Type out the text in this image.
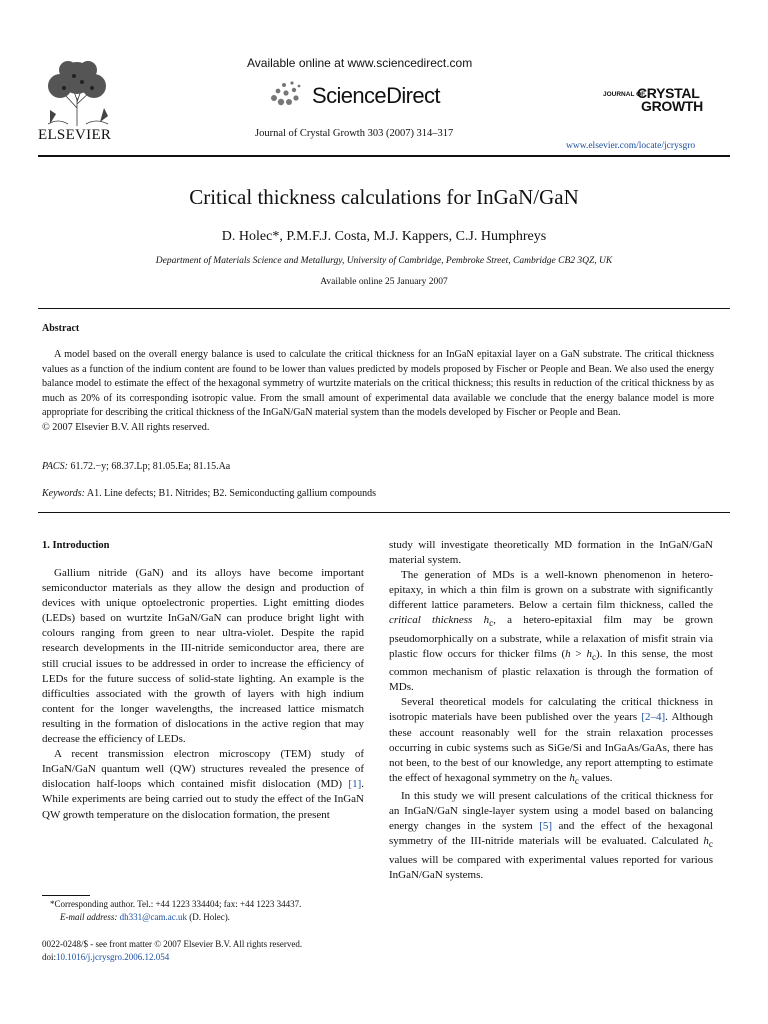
ELSEVIER
Available online at www.sciencedirect.com
ScienceDirect
Journal of Crystal Growth 303 (2007) 314–317
JOURNAL OF
CRYSTAL
GROWTH
www.elsevier.com/locate/jcrysgro
Critical thickness calculations for InGaN/GaN
D. Holec*, P.M.F.J. Costa, M.J. Kappers, C.J. Humphreys
Department of Materials Science and Metallurgy, University of Cambridge, Pembroke Street, Cambridge CB2 3QZ, UK
Available online 25 January 2007
Abstract
A model based on the overall energy balance is used to calculate the critical thickness for an InGaN epitaxial layer on a GaN substrate. The critical thickness values as a function of the indium content are found to be lower than values predicted by models proposed by Fischer or People and Bean. We also used the energy balance model to estimate the effect of the hexagonal symmetry of wurtzite materials on the critical thickness; this results in reduction of the critical thickness by as much as 20% of its corresponding isotropic value. From the small amount of experimental data available we conclude that the energy balance model is more appropriate for describing the critical thickness of the InGaN/GaN material system than the models developed by Fischer or People and Bean.
© 2007 Elsevier B.V. All rights reserved.
PACS: 61.72.−y; 68.37.Lp; 81.05.Ea; 81.15.Aa
Keywords: A1. Line defects; B1. Nitrides; B2. Semiconducting gallium compounds
1. Introduction

Gallium nitride (GaN) and its alloys have become important semiconductor materials as they allow the design and production of devices with unique optoelectronic properties. Light emitting diodes (LEDs) based on wurtzite InGaN/GaN can produce bright light with colours ranging from green to near ultra-violet. Despite the rapid research developments in the III-nitride semiconductor area, there are still crucial issues to be addressed in order to increase the efficiency of LEDs for the future success of solid-state lighting. An example is the difficulties associated with the growth of layers with high indium content for the longer wavelengths, the increased lattice mismatch resulting in the formation of dislocations in the active region that may decrease the efficiency of LEDs.

A recent transmission electron microscopy (TEM) study of InGaN/GaN quantum well (QW) structures revealed the presence of dislocation half-loops which contained misfit dislocation (MD) [1]. While experiments are being carried out to study the effect of the InGaN QW growth temperature on the dislocation formation, the present

study will investigate theoretically MD formation in the InGaN/GaN material system.

The generation of MDs is a well-known phenomenon in hetero-epitaxy, in which a thin film is grown on a substrate with significantly different lattice parameters. Below a certain film thickness, called the critical thickness $h_c$, a hetero-epitaxial film may be grown pseudomorphically on a substrate, while a relaxation of misfit strain via plastic flow occurs for thicker films $(h > h_c)$. In this sense, the most common mechanism of plastic relaxation is through the formation of MDs.

Several theoretical models for calculating the critical thickness in isotropic materials have been published over the years [2–4]. Although these account reasonably well for the strain relaxation processes occurring in cubic systems such as SiGe/Si and InGaAs/GaAs, there has not been, to the best of our knowledge, any report attempting to estimate the effect of hexagonal symmetry on the $h_c$ values.

In this study we will present calculations of the critical thickness for an InGaN/GaN single-layer system using a model based on balancing energy changes in the system [5] and the effect of the hexagonal symmetry of the III-nitride materials will be evaluated. Calculated $h_c$ values will be compared with experimental values reported for various InGaN/GaN systems.

*Corresponding author. Tel.: +44 1223 334404; fax: +44 1223 34437.
E-mail address: dh331@cam.ac.uk (D. Holec).
0022-0248/$ - see front matter © 2007 Elsevier B.V. All rights reserved.
doi:10.1016/j.jcrysgro.2006.12.054
